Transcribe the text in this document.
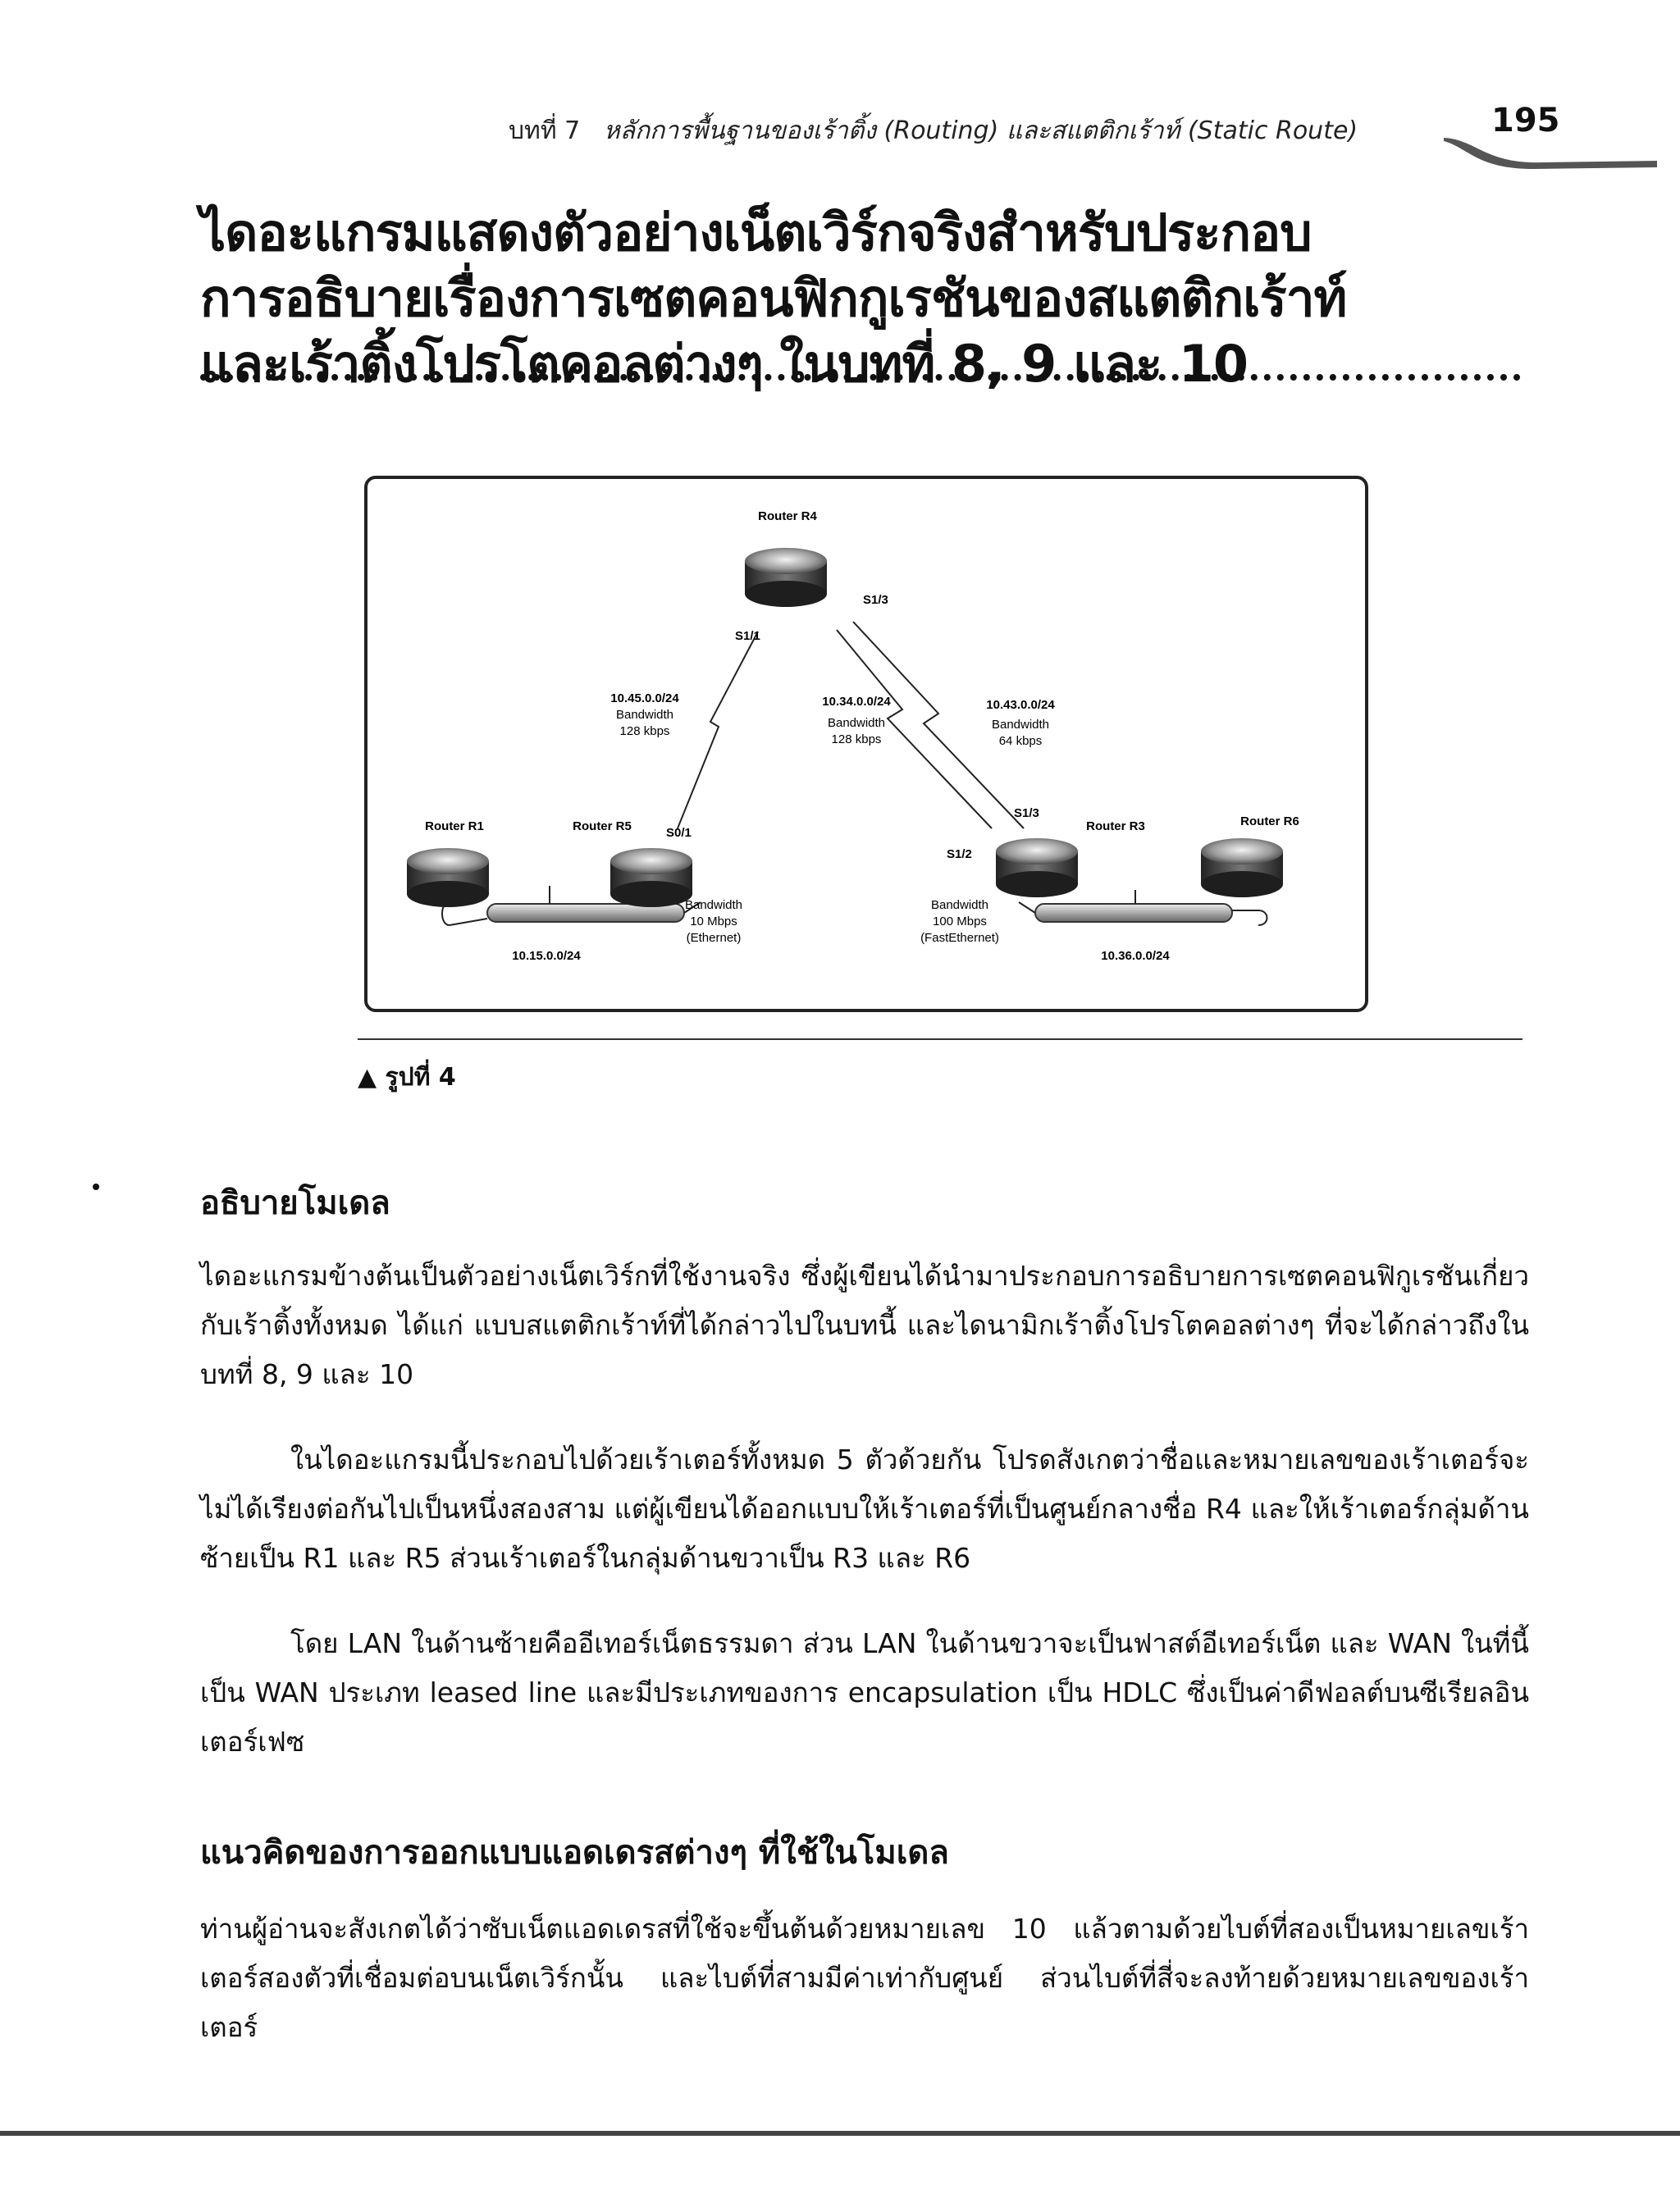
บทที่ 7 หลักการพื้นฐานของเร้าติ้ง (Routing) และสแตติกเร้าท์ (Static Route)	195
ไดอะแกรมแสดงตัวอย่างเน็ตเวิร์กจริงสำหรับประกอบ
การอธิบายเรื่องการเซตคอนฟิกกูเรชันของสแตติกเร้าท์
และเร้าติ้งโปรโตคอลต่างๆ ในบทที่ 8, 9 และ 10
Router R4
Router R1	Router R5	Router R3	Router R6
S1/1
S1/3
S0/1
S1/3
S1/2
10.45.0.0/24
Bandwidth
128 kbps
10.34.0.0/24
Bandwidth
128 kbps
10.43.0.0/24
Bandwidth
64 kbps
Bandwidth
10 Mbps
(Ethernet)
10.15.0.0/24
Bandwidth
100 Mbps
(FastEthernet)
10.36.0.0/24
▲ รูปที่ 4
อธิบายโมเดล
ไดอะแกรมข้างต้นเป็นตัวอย่างเน็ตเวิร์กที่ใช้งานจริง ซึ่งผู้เขียนได้นำมาประกอบการอธิบายการเซตคอนฟิกูเรชันเกี่ยวกับเร้าติ้งทั้งหมด ได้แก่ แบบสแตติกเร้าท์ที่ได้กล่าวไปในบทนี้ และไดนามิกเร้าติ้งโปรโตคอลต่างๆ ที่จะได้กล่าวถึงในบทที่ 8, 9 และ 10
ในไดอะแกรมนี้ประกอบไปด้วยเร้าเตอร์ทั้งหมด 5 ตัวด้วยกัน โปรดสังเกตว่าชื่อและหมายเลขของเร้าเตอร์จะไม่ได้เรียงต่อกันไปเป็นหนึ่งสองสาม แต่ผู้เขียนได้ออกแบบให้เร้าเตอร์ที่เป็นศูนย์กลางชื่อ R4 และให้เร้าเตอร์กลุ่มด้านซ้ายเป็น R1 และ R5 ส่วนเร้าเตอร์ในกลุ่มด้านขวาเป็น R3 และ R6
โดย LAN ในด้านซ้ายคืออีเทอร์เน็ตธรรมดา ส่วน LAN ในด้านขวาจะเป็นฟาสต์อีเทอร์เน็ต และ WAN ในที่นี้เป็น WAN ประเภท leased line และมีประเภทของการ encapsulation เป็น HDLC ซึ่งเป็นค่าดีฟอลต์บนซีเรียลอินเตอร์เฟซ
แนวคิดของการออกแบบแอดเดรสต่างๆ ที่ใช้ในโมเดล
ท่านผู้อ่านจะสังเกตได้ว่าซับเน็ตแอดเดรสที่ใช้จะขึ้นต้นด้วยหมายเลข 10 แล้วตามด้วยไบต์ที่สองเป็นหมายเลขเร้าเตอร์สองตัวที่เชื่อมต่อบนเน็ตเวิร์กนั้น และไบต์ที่สามมีค่าเท่ากับศูนย์ ส่วนไบต์ที่สี่จะลงท้ายด้วยหมายเลขของเร้าเตอร์
